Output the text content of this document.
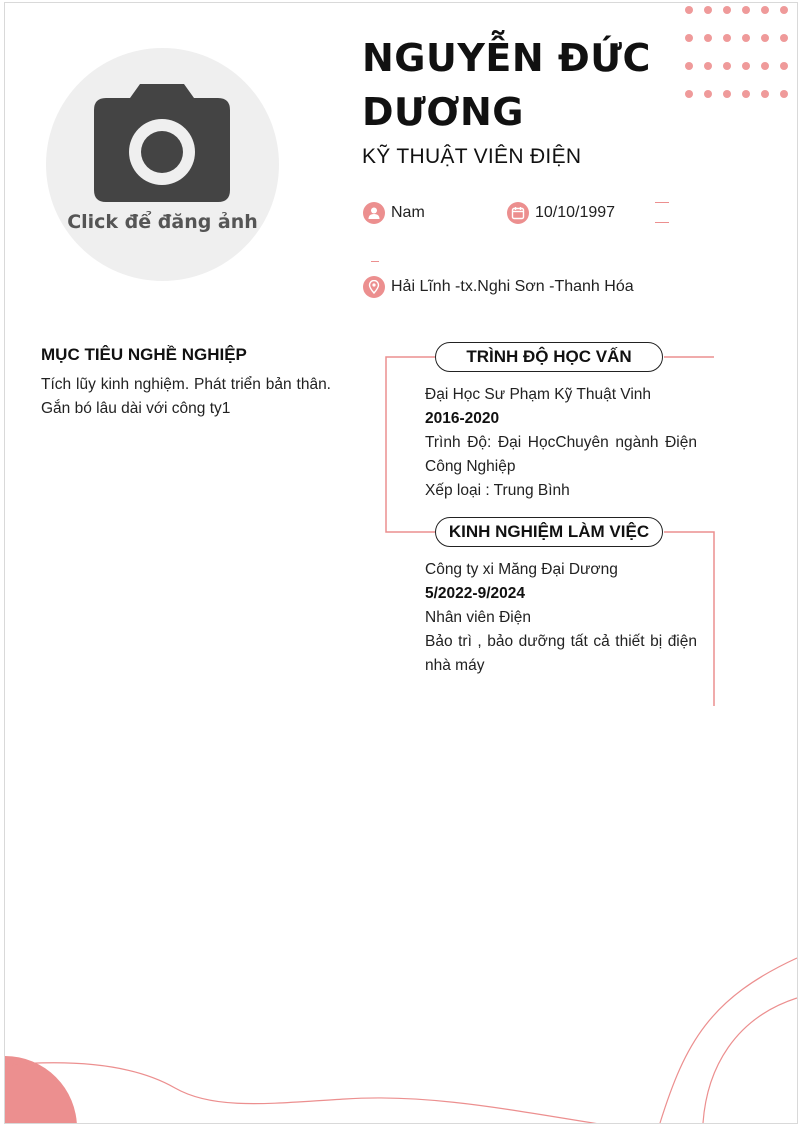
Click để đăng ảnh
NGUYỄN ĐỨC
DƯƠNG
KỸ THUẬT VIÊN ĐIỆN
Nam	10/10/1997
Hải Lĩnh -tx.Nghi Sơn -Thanh Hóa
MỤC TIÊU NGHỀ NGHIỆP
Tích lũy kinh nghiệm. Phát triển bản thân. Gắn bó lâu dài với công ty1
TRÌNH ĐỘ HỌC VẤN
Đại Học Sư Phạm Kỹ Thuật Vinh
2016-2020
Trình Độ: Đại HọcChuyên ngành Điện Công Nghiệp
Xếp loại : Trung Bình
KINH NGHIỆM LÀM VIỆC
Công ty xi Măng Đại Dương
5/2022-9/2024
Nhân viên Điện
Bảo trì , bảo dưỡng tất cả thiết bị điện nhà máy
